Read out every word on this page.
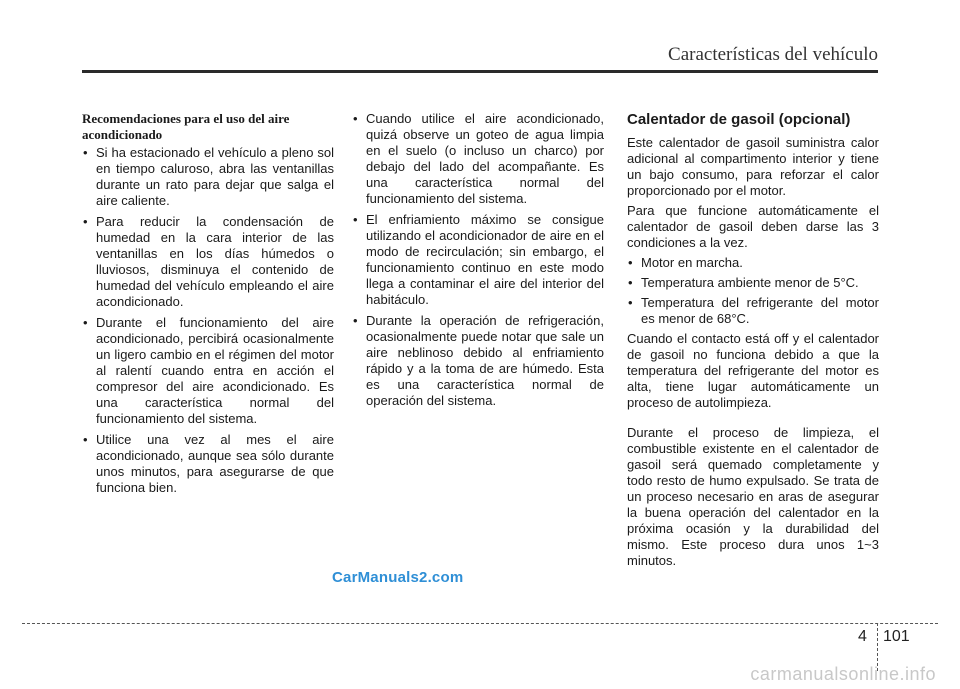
Características del vehículo

Recomendaciones para el uso del aire acondicionado

• Si ha estacionado el vehículo a pleno sol en tiempo caluroso, abra las ventanillas durante un rato para dejar que salga el aire caliente.
• Para reducir la condensación de humedad en la cara interior de las ventanillas en los días húmedos o lluviosos, disminuya el contenido de humedad del vehículo empleando el aire acondicionado.
• Durante el funcionamiento del aire acondicionado, percibirá ocasionalmente un ligero cambio en el régimen del motor al ralentí cuando entra en acción el compresor del aire acondicionado. Es una característica normal del funcionamiento del sistema.
• Utilice una vez al mes el aire acondicionado, aunque sea sólo durante unos minutos, para asegurarse de que funciona bien.
• Cuando utilice el aire acondicionado, quizá observe un goteo de agua limpia en el suelo (o incluso un charco) por debajo del lado del acompañante. Es una característica normal del funcionamiento del sistema.
• El enfriamiento máximo se consigue utilizando el acondicionador de aire en el modo de recirculación; sin embargo, el funcionamiento continuo en este modo llega a contaminar el aire del interior del habitáculo.
• Durante la operación de refrigeración, ocasionalmente puede notar que sale un aire neblinoso debido al enfriamiento rápido y a la toma de are húmedo. Esta es una característica normal de operación del sistema.
Calentador de gasoil (opcional)

Este calentador de gasoil suministra calor adicional al compartimento interior y tiene un bajo consumo, para reforzar el calor proporcionado por el motor.

Para que funcione automáticamente el calentador de gasoil deben darse las 3 condiciones a la vez.

• Motor en marcha.
• Temperatura ambiente menor de 5°C.
• Temperatura del refrigerante del motor es menor de 68°C.

Cuando el contacto está off y el calentador de gasoil no funciona debido a que la temperatura del refrigerante del motor es alta, tiene lugar automáticamente un proceso de autolimpieza.

Durante el proceso de limpieza, el combustible existente en el calentador de gasoil será quemado completamente y todo resto de humo expulsado. Se trata de un proceso necesario en aras de asegurar la buena operación del calentador en la próxima ocasión y la durabilidad del mismo. Este proceso dura unos 1~3 minutos.

CarManuals2.com
4 101
carmanualsonline.info
